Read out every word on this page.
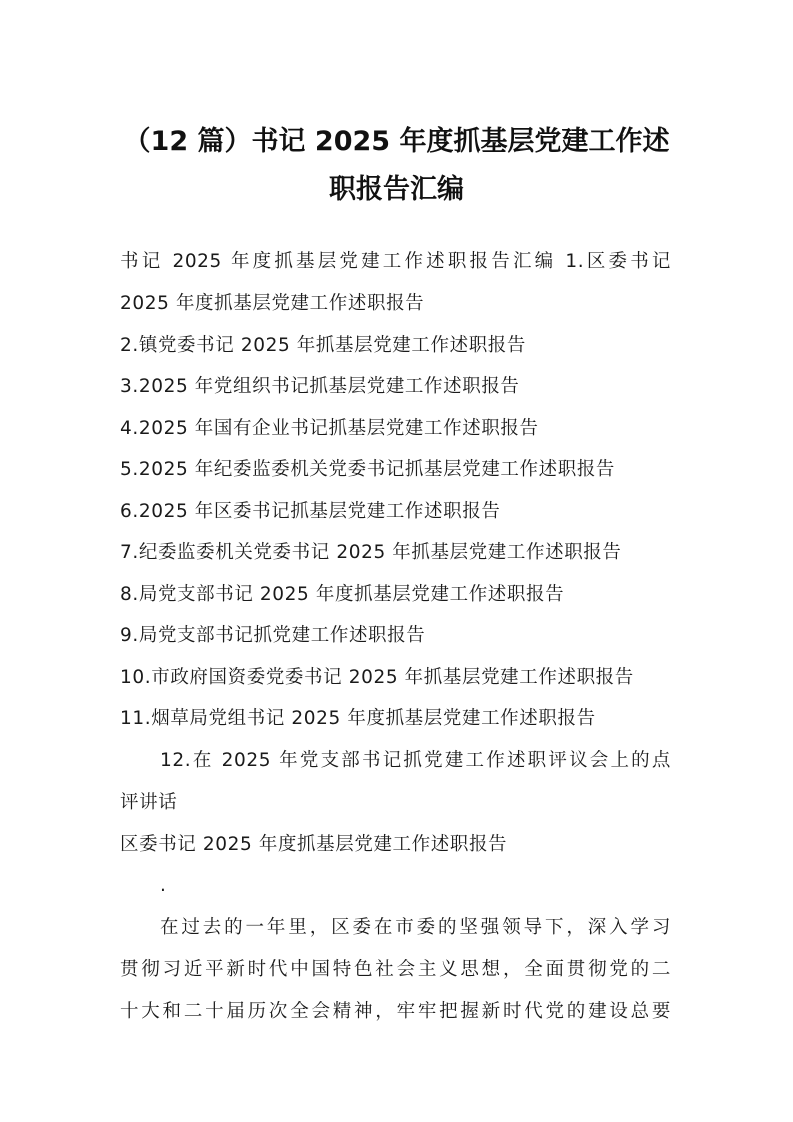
（12 篇）书记 2025 年度抓基层党建工作述
职报告汇编
书记 2025 年度抓基层党建工作述职报告汇编 1.区委书记
2025 年度抓基层党建工作述职报告
2.镇党委书记 2025 年抓基层党建工作述职报告
3.2025 年党组织书记抓基层党建工作述职报告
4.2025 年国有企业书记抓基层党建工作述职报告
5.2025 年纪委监委机关党委书记抓基层党建工作述职报告
6.2025 年区委书记抓基层党建工作述职报告
7.纪委监委机关党委书记 2025 年抓基层党建工作述职报告
8.局党支部书记 2025 年度抓基层党建工作述职报告
9.局党支部书记抓党建工作述职报告
10.市政府国资委党委书记 2025 年抓基层党建工作述职报告
11.烟草局党组书记 2025 年度抓基层党建工作述职报告
12.在 2025 年党支部书记抓党建工作述职评议会上的点
评讲话
区委书记 2025 年度抓基层党建工作述职报告
.
在过去的一年里，区委在市委的坚强领导下，深入学习
贯彻习近平新时代中国特色社会主义思想，全面贯彻党的二
十大和二十届历次全会精神，牢牢把握新时代党的建设总要
